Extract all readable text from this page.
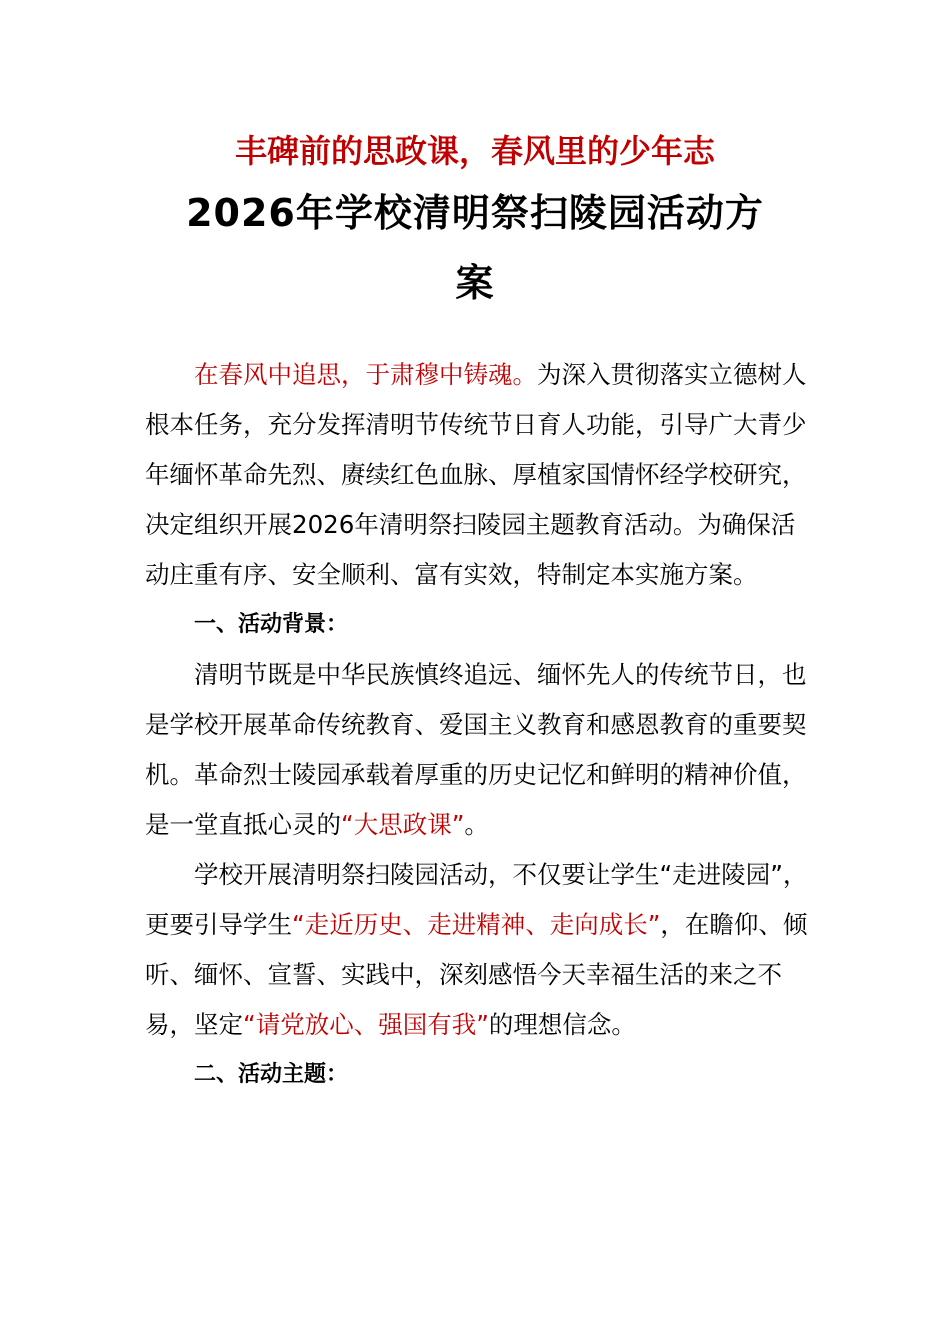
丰碑前的思政课，春风里的少年志
2026年学校清明祭扫陵园活动方
案

在春风中追思，于肃穆中铸魂。为深入贯彻落实立德树人根本任务，充分发挥清明节传统节日育人功能，引导广大青少年缅怀革命先烈、赓续红色血脉、厚植家国情怀经学校研究，决定组织开展2026年清明祭扫陵园主题教育活动。为确保活动庄重有序、安全顺利、富有实效，特制定本实施方案。

一、活动背景：

清明节既是中华民族慎终追远、缅怀先人的传统节日，也是学校开展革命传统教育、爱国主义教育和感恩教育的重要契机。革命烈士陵园承载着厚重的历史记忆和鲜明的精神价值，是一堂直抵心灵的“大思政课”。

学校开展清明祭扫陵园活动，不仅要让学生“走进陵园”，更要引导学生“走近历史、走进精神、走向成长”，在瞻仰、倾听、缅怀、宣誓、实践中，深刻感悟今天幸福生活的来之不易，坚定“请党放心、强国有我”的理想信念。

二、活动主题：
